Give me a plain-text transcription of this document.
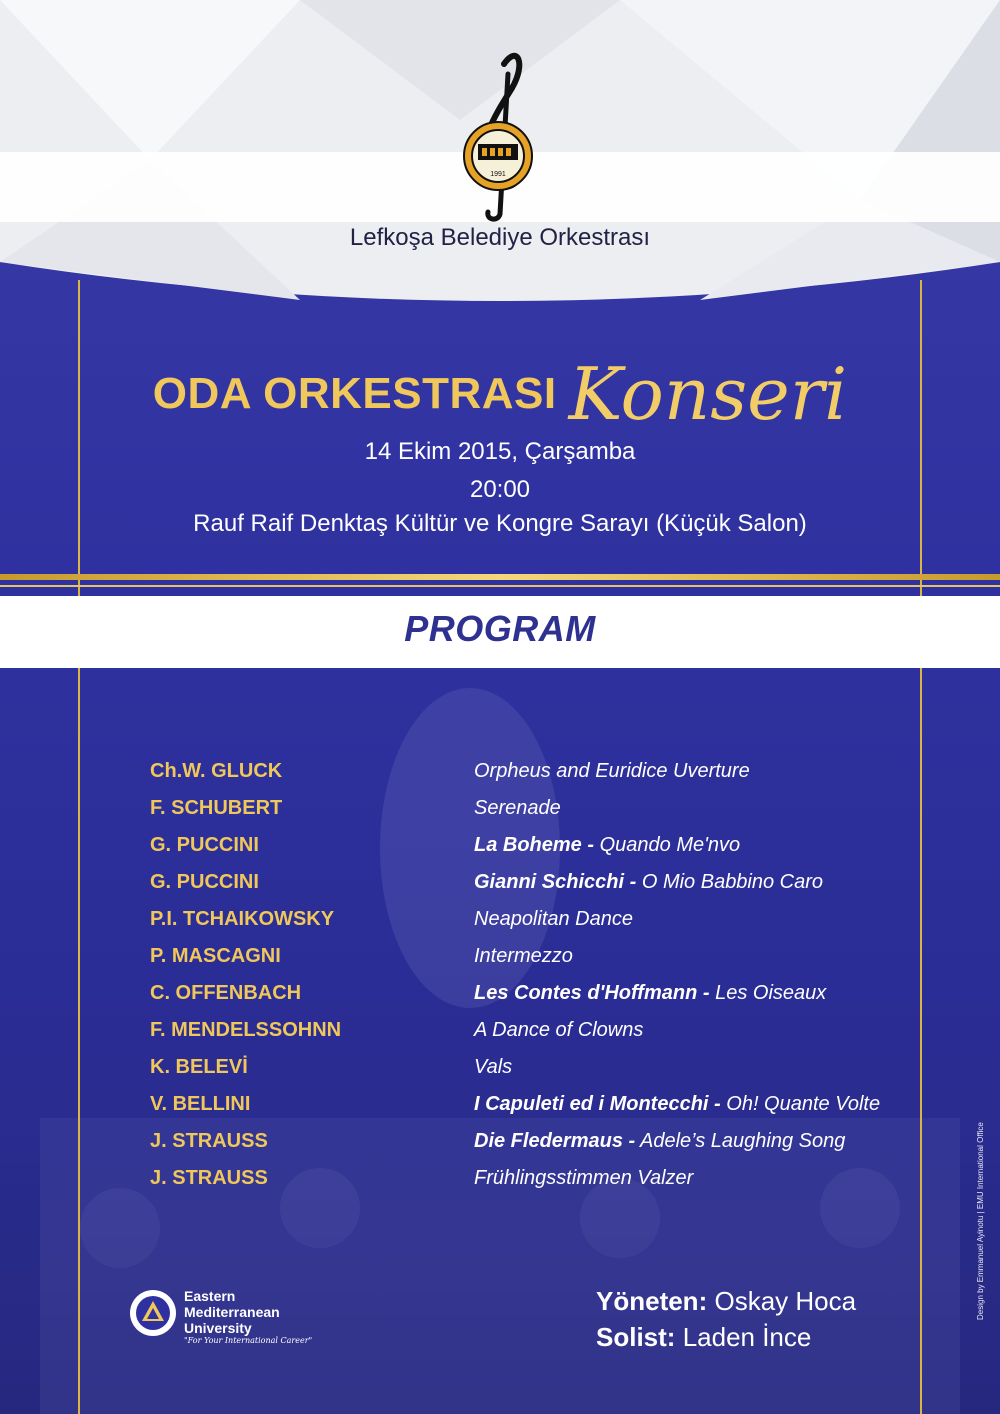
1991
Lefkoşa Belediye Orkestrası
ODA ORKESTRASI Konseri
14 Ekim 2015, Çarşamba
20:00
Rauf Raif Denktaş Kültür ve Kongre Sarayı (Küçük Salon)
PROGRAM
Ch.W. GLUCK	Orpheus and Euridice Uverture
F. SCHUBERT	Serenade
G. PUCCINI	La Boheme - Quando Me'nvo
G. PUCCINI	Gianni Schicchi - O Mio Babbino Caro
P.I. TCHAIKOWSKY	Neapolitan Dance
P. MASCAGNI	Intermezzo
C. OFFENBACH	Les Contes d'Hoffmann - Les Oiseaux
F. MENDELSSOHNN	A Dance of Clowns
K. BELEVİ	Vals
V. BELLINI	I Capuleti ed i Montecchi - Oh! Quante Volte
J. STRAUSS	Die Fledermaus - Adele’s Laughing Song
J. STRAUSS	Frühlingsstimmen Valzer
Eastern
Mediterranean
University
"For Your International Career"
Yöneten: Oskay Hoca
Solist: Laden İnce
Design by Emmanuel Ayinotu | EMU International Office
